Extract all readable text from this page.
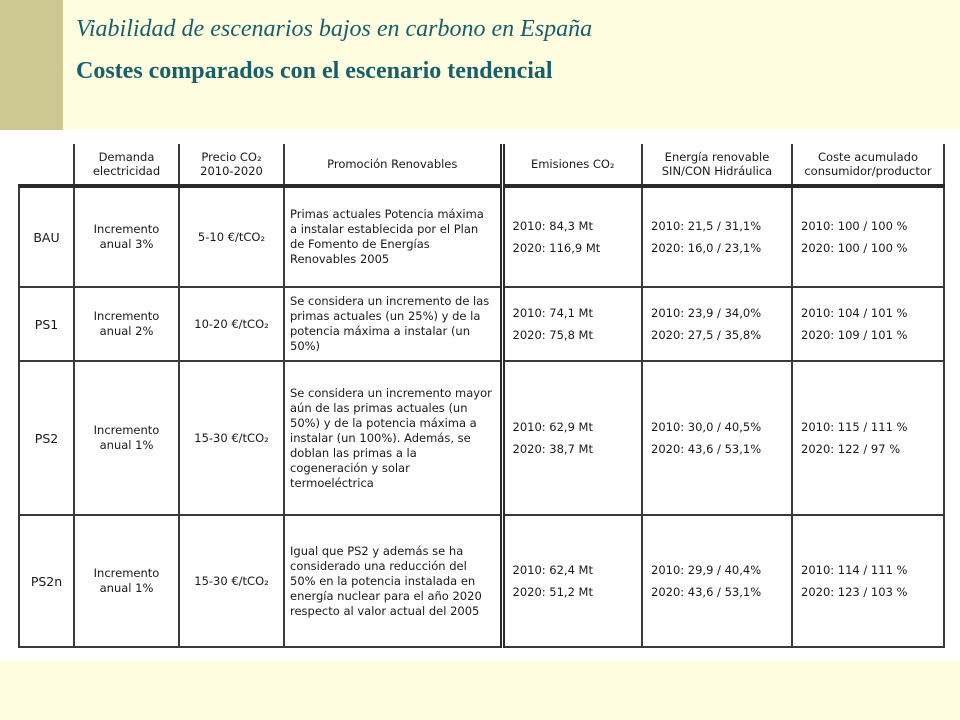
Viabilidad de escenarios bajos en carbono en España
Costes comparados con el escenario tendencial
	Demanda
electricidad	Precio CO₂
2010-2020	Promoción Renovables	Emisiones CO₂	Energía renovable
SIN/CON Hidráulica	Coste acumulado
consumidor/productor
BAU	Incremento
anual 3%	5-10 €/tCO₂	Primas actuales Potencia máxima a instalar establecida por el Plan de Fomento de Energías Renovables 2005	2010: 84,3 Mt
2020: 116,9 Mt	2010: 21,5 / 31,1%
2020: 16,0 / 23,1%	2010: 100 / 100 %
2020: 100 / 100 %

PS1	Incremento
anual 2%	10-20 €/tCO₂	Se considera un incremento de las primas actuales (un 25%) y de la potencia máxima a instalar (un 50%)	2010: 74,1 Mt
2020: 75,8 Mt	2010: 23,9 / 34,0%
2020: 27,5 / 35,8%	2010: 104 / 101 %
2020: 109 / 101 %

PS2	Incremento
anual 1%	15-30 €/tCO₂	Se considera un incremento mayor aún de las primas actuales (un 50%) y de la potencia máxima a instalar (un 100%). Además, se doblan las primas a la cogeneración y solar termoeléctrica	2010: 62,9 Mt
2020: 38,7 Mt	2010: 30,0 / 40,5%
2020: 43,6 / 53,1%	2010: 115 / 111 %
2020: 122 / 97 %

PS2n	Incremento
anual 1%	15-30 €/tCO₂	Igual que PS2 y además se ha considerado una reducción del 50% en la potencia instalada en energía nuclear para el año 2020 respecto al valor actual del 2005	2010: 62,4 Mt
2020: 51,2 Mt	2010: 29,9 / 40,4%
2020: 43,6 / 53,1%	2010: 114 / 111 %
2020: 123 / 103 %
